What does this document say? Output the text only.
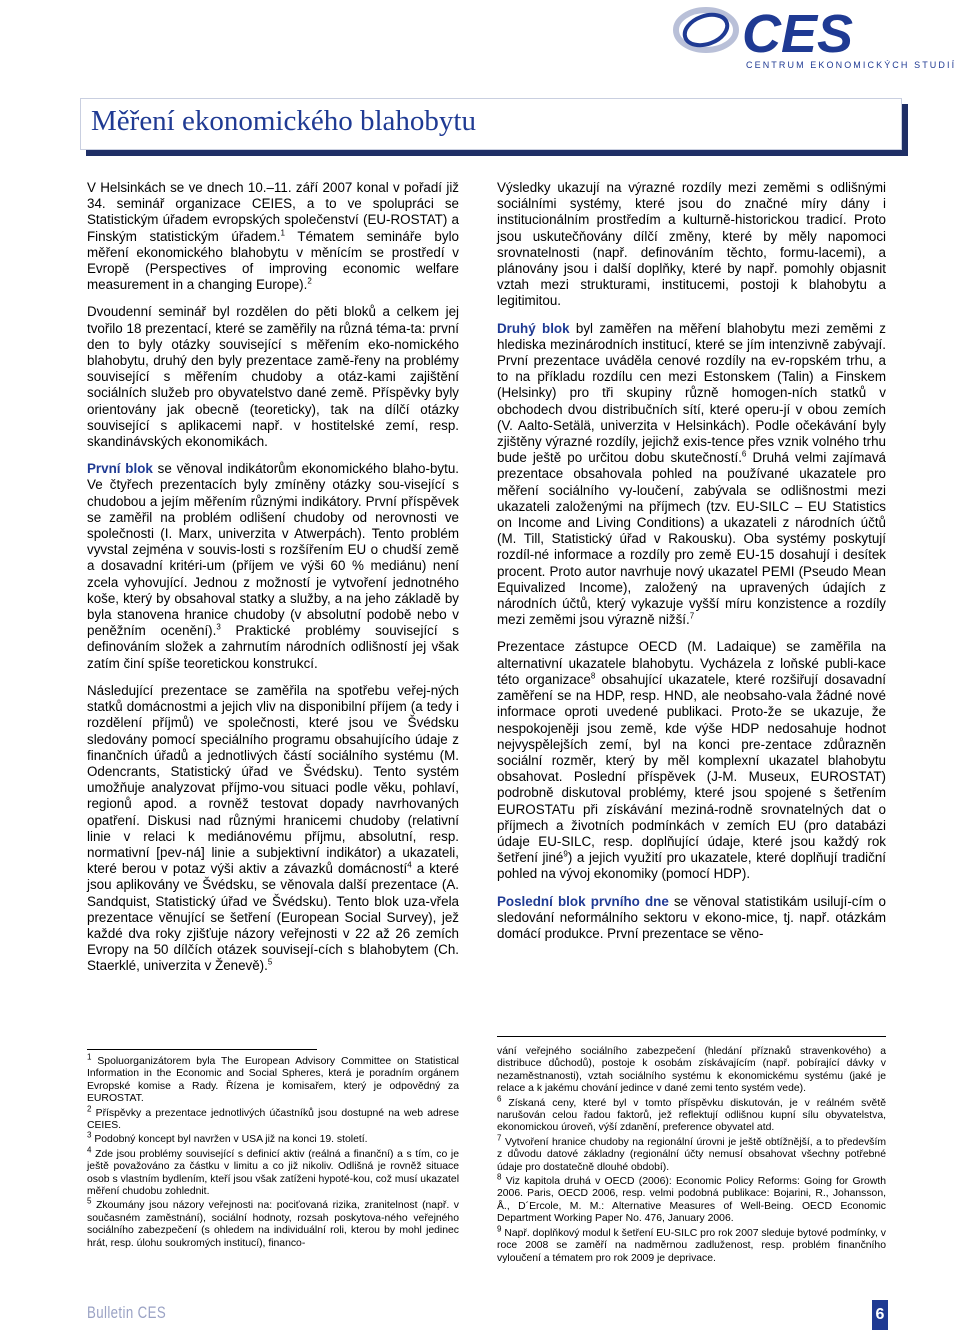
CES
CENTRUM EKONOMICKÝCH STUDIÍ
Měření ekonomického blahobytu

V Helsinkách se ve dnech 10.–11. září 2007 konal v pořadí již 34. seminář organizace CEIES, a to ve spolupráci se Statistickým úřadem evropských společenství (EU-ROSTAT) a Finským statistickým úřadem.$^1$ Tématem semináře bylo měření ekonomického blahobytu v měnícím se prostředí v Evropě (Perspectives of improving economic welfare measurement in a changing Europe).$^2$

Dvoudenní seminář byl rozdělen do pěti bloků a celkem jej tvořilo 18 prezentací, které se zaměřily na různá téma-ta: první den to byly otázky související s měřením eko-nomického blahobytu, druhý den byly prezentace zamě-řeny na problémy související s měřením chudoby a otáz-kami zajištění sociálních služeb pro obyvatelstvo dané země. Příspěvky byly orientovány jak obecně (teoreticky), tak na dílčí otázky související s aplikacemi např. v hostitelské zemí, resp. skandinávských ekonomikách.

První blok se věnoval indikátorům ekonomického blaho-bytu. Ve čtyřech prezentacích byly zmíněny otázky sou-visející s chudobou a jejím měřením různými indikátory. První příspěvek se zaměřil na problém odlišení chudoby od nerovnosti ve společnosti (I. Marx, univerzita v Atwerpách). Tento problém vyvstal zejména v souvis-losti s rozšířením EU o chudší země a dosavadní kritéri-um (příjem ve výši 60 % mediánu) není zcela vyhovující. Jednou z možností je vytvoření jednotného koše, který by obsahoval statky a služby, a na jeho základě by byla stanovena hranice chudoby (v absolutní podobě nebo v peněžním ocenění).$^3$ Praktické problémy související s definováním složek a zahrnutím národních odlišností jej však zatím činí spíše teoretickou konstrukcí.

Následující prezentace se zaměřila na spotřebu veřej-ných statků domácnostmi a jejich vliv na disponibilní příjem (a tedy i rozdělení příjmů) ve společnosti, které jsou ve Švédsku sledovány pomocí speciálního programu obsahujícího údaje z finančních úřadů a jednotlivých částí sociálního systému (M. Odencrants, Statistický úřad ve Švédsku). Tento systém umožňuje analyzovat příjmo-vou situaci podle věku, pohlaví, regionů apod. a rovněž testovat dopady navrhovaných opatření. Diskusi nad různými hranicemi chudoby (relativní linie v relaci k mediánovému příjmu, absolutní, resp. normativní [pev-ná] linie a subjektivní indikátor) a ukazateli, které berou v potaz výši aktiv a závazků domácností$^4$ a které jsou aplikovány ve Švédsku, se věnovala další prezentace (A. Sandquist, Statistický úřad ve Švédsku). Tento blok uza-vřela prezentace věnující se šetření (European Social Survey), jež každé dva roky zjišťuje názory veřejnosti v 22 až 26 zemích Evropy na 50 dílčích otázek souvisejí-cích s blahobytem (Ch. Staerklé, univerzita v Ženevě).$^5$

Výsledky ukazují na výrazné rozdíly mezi zeměmi s odlišnými sociálními systémy, které jsou do značné míry dány i institucionálním prostředím a kulturně-historickou tradicí. Proto jsou uskutečňovány dílčí změny, které by měly napomoci srovnatelnosti (např. definováním těchto, formu-lacemi), a plánovány jsou i další doplňky, které by např. pomohly objasnit vztah mezi strukturami, institucemi, postoji k blahobytu a legitimitou.

Druhý blok byl zaměřen na měření blahobytu mezi zeměmi z hlediska mezinárodních institucí, které se jím intenzivně zabývají. První prezentace uváděla cenové rozdíly na ev-ropském trhu, a to na příkladu rozdílu cen mezi Estonskem (Talin) a Finskem (Helsinky) pro tři skupiny různě homogen-ních statků v obchodech dvou distribučních sítí, které operu-jí v obou zemích (V. Aalto-Setälä, univerzita v Helsinkách). Podle očekávání byly zjištěny výrazné rozdíly, jejichž exis-tence přes vznik volného trhu bude ještě po určitou dobu skutečností.$^6$ Druhá velmi zajímavá prezentace obsahovala pohled na používané ukazatele pro měření sociálního vy-loučení, zabývala se odlišnostmi mezi ukazateli založenými na příjmech (tzv. EU-SILC – EU Statistics on Income and Living Conditions) a ukazateli z národních účtů (M. Till, Statistický úřad v Rakousku). Oba systémy poskytují rozdíl-né informace a rozdíly pro země EU-15 dosahují i desítek procent. Proto autor navrhuje nový ukazatel PEMI (Pseudo Mean Equivalized Income), založený na upravených údajích z národních účtů, který vykazuje vyšší míru konzistence a rozdíly mezi zeměmi jsou výrazně nižší.$^7$

Prezentace zástupce OECD (M. Ladaique) se zaměřila na alternativní ukazatele blahobytu. Vycházela z loňské publi-kace této organizace$^8$ obsahující ukazatele, které rozšiřují dosavadní zaměření se na HDP, resp. HND, ale neobsaho-vala žádné nové informace oproti uvedené publikaci. Proto-že se ukazuje, že nespokojeněji jsou země, kde výše HDP nedosahuje hodnot nejvyspělejších zemí, byl na konci pre-zentace zdůrazněn sociální rozměr, který by měl komplexní ukazatel blahobytu obsahovat. Poslední příspěvek (J-M. Museux, EUROSTAT) podrobně diskutoval problémy, které jsou spojené s šetřením EUROSTATu při získávání meziná-rodně srovnatelných dat o příjmech a životních podmínkách v zemích EU (pro databázi údaje EU-SILC, resp. doplňující údaje, které jsou každý rok šetření jiné$^9$) a jejich využití pro ukazatele, které doplňují tradiční pohled na vývoj ekonomiky (pomocí HDP).

Poslední blok prvního dne se věnoval statistikám usilují-cím o sledování neformálního sektoru v ekono-mice, tj. např. otázkám domácí produkce. První prezentace se věno-

$^1$ Spoluorganizátorem byla The European Advisory Committee on Statistical Information in the Economic and Social Spheres, která je poradním orgánem Evropské komise a Rady. Řízena je komisařem, který je odpovědný za EUROSTAT.

$^2$ Příspěvky a prezentace jednotlivých účastníků jsou dostupné na web adrese CEIES.

$^3$ Podobný koncept byl navržen v USA již na konci 19. století.

$^4$ Zde jsou problémy související s definicí aktiv (reálná a finanční) a s tím, co je ještě považováno za částku v limitu a co již nikoliv. Odlišná je rovněž situace osob s vlastním bydlením, kteří jsou však zatíženi hypoté-kou, což musí ukazatel měření chudobu zohlednit.

$^5$ Zkoumány jsou názory veřejnosti na: pociťovaná rizika, zranitelnost (např. v současném zaměstnání), sociální hodnoty, rozsah poskytova-ného veřejného sociálního zabezpečení (s ohledem na individuální roli, kterou by mohl jedinec hrát, resp. úlohu soukromých institucí), financo-

vání veřejného sociálního zabezpečení (hledání příznaků stravenkového) a distribuce důchodů), postoje k osobám získávajícím (např. pobírající dávky v nezaměstnanosti), vztah sociálního systému k ekonomickému systému (jaké je relace a k jakému chování jedince v dané zemi tento systém vede).

$^6$ Získaná ceny, které byl v tomto příspěvku diskutován, je v reálném světě narušován celou řadou faktorů, jež reflektují odlišnou kupní sílu obyvatelstva, ekonomickou úroveň, výší zdanění, preference obyvatel atd.

$^7$ Vytvoření hranice chudoby na regionální úrovni je ještě obtížnější, a to především z důvodu datové základny (regionální účty nemusí obsahovat všechny potřebné údaje pro dostatečně dlouhé období).

$^8$ Viz kapitola druhá v OECD (2006): Economic Policy Reforms: Going for Growth 2006. Paris, OECD 2006, resp. velmi podobná publikace: Bojarini, R., Johansson, Å., D´Ercole, M. M.: Alternative Measures of Well-Being. OECD Economic Department Working Paper No. 476, January 2006.

$^9$ Např. doplňkový modul k šetření EU-SILC pro rok 2007 sleduje bytové podmínky, v roce 2008 se zaměří na nadměrnou zadluženost, resp. problém finančního vyloučení a tématem pro rok 2009 je deprivace.

Bulletin CES	6
